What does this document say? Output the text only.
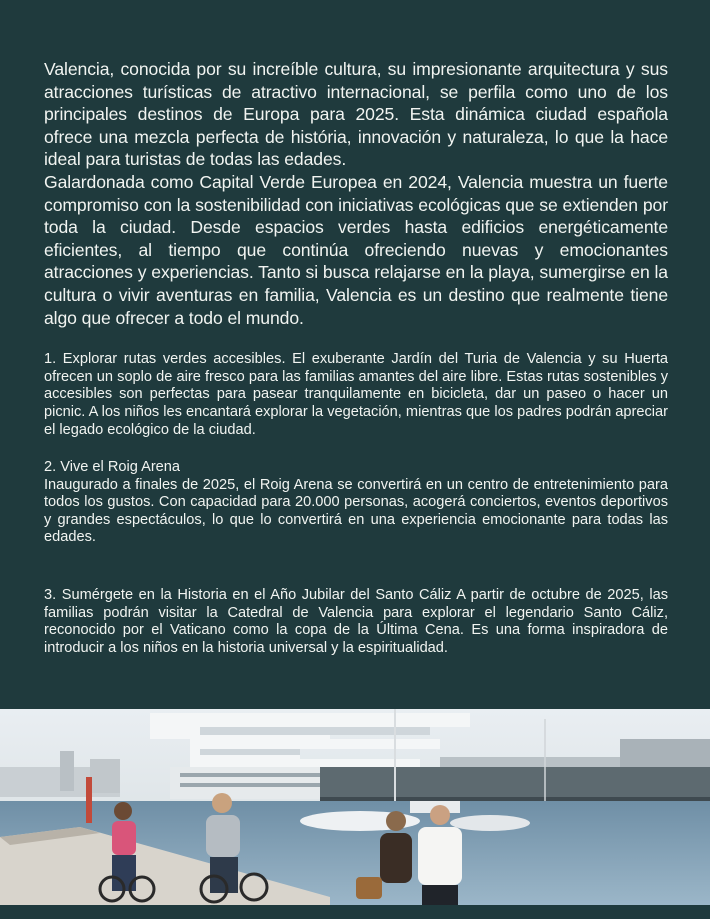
Valencia, conocida por su increíble cultura, su impresionante arquitectura y sus atracciones turísticas de atractivo internacional, se perfila como uno de los principales destinos de Europa para 2025. Esta dinámica ciudad española ofrece una mezcla perfecta de história, innovación y naturaleza, lo que la hace ideal para turistas de todas las edades.

Galardonada como Capital Verde Europea en 2024, Valencia muestra un fuerte compromiso con la sostenibilidad con iniciativas ecológicas que se extienden por toda la ciudad. Desde espacios verdes hasta edificios energéticamente eficientes, al tiempo que continúa ofreciendo nuevas y emocionantes atracciones y experiencias. Tanto si busca relajarse en la playa, sumergirse en la cultura o vivir aventuras en familia, Valencia es un destino que realmente tiene algo que ofrecer a todo el mundo.

1. Explorar rutas verdes accesibles. El exuberante Jardín del Turia de Valencia y su Huerta ofrecen un soplo de aire fresco para las familias amantes del aire libre. Estas rutas sostenibles y accesibles son perfectas para pasear tranquilamente en bicicleta, dar un paseo o hacer un picnic. A los niños les encantará explorar la vegetación, mientras que los padres podrán apreciar el legado ecológico de la ciudad.

2. Vive el Roig Arena

Inaugurado a finales de 2025, el Roig Arena se convertirá en un centro de entretenimiento para todos los gustos. Con capacidad para 20.000 personas, acogerá conciertos, eventos deportivos y grandes espectáculos, lo que lo convertirá en una experiencia emocionante para todas las edades.

3. Sumérgete en la Historia en el Año Jubilar del Santo Cáliz A partir de octubre de 2025, las familias podrán visitar la Catedral de Valencia para explorar el legendario Santo Cáliz, reconocido por el Vaticano como la copa de la Última Cena. Es una forma inspiradora de introducir a los niños en la historia universal y la espiritualidad.
